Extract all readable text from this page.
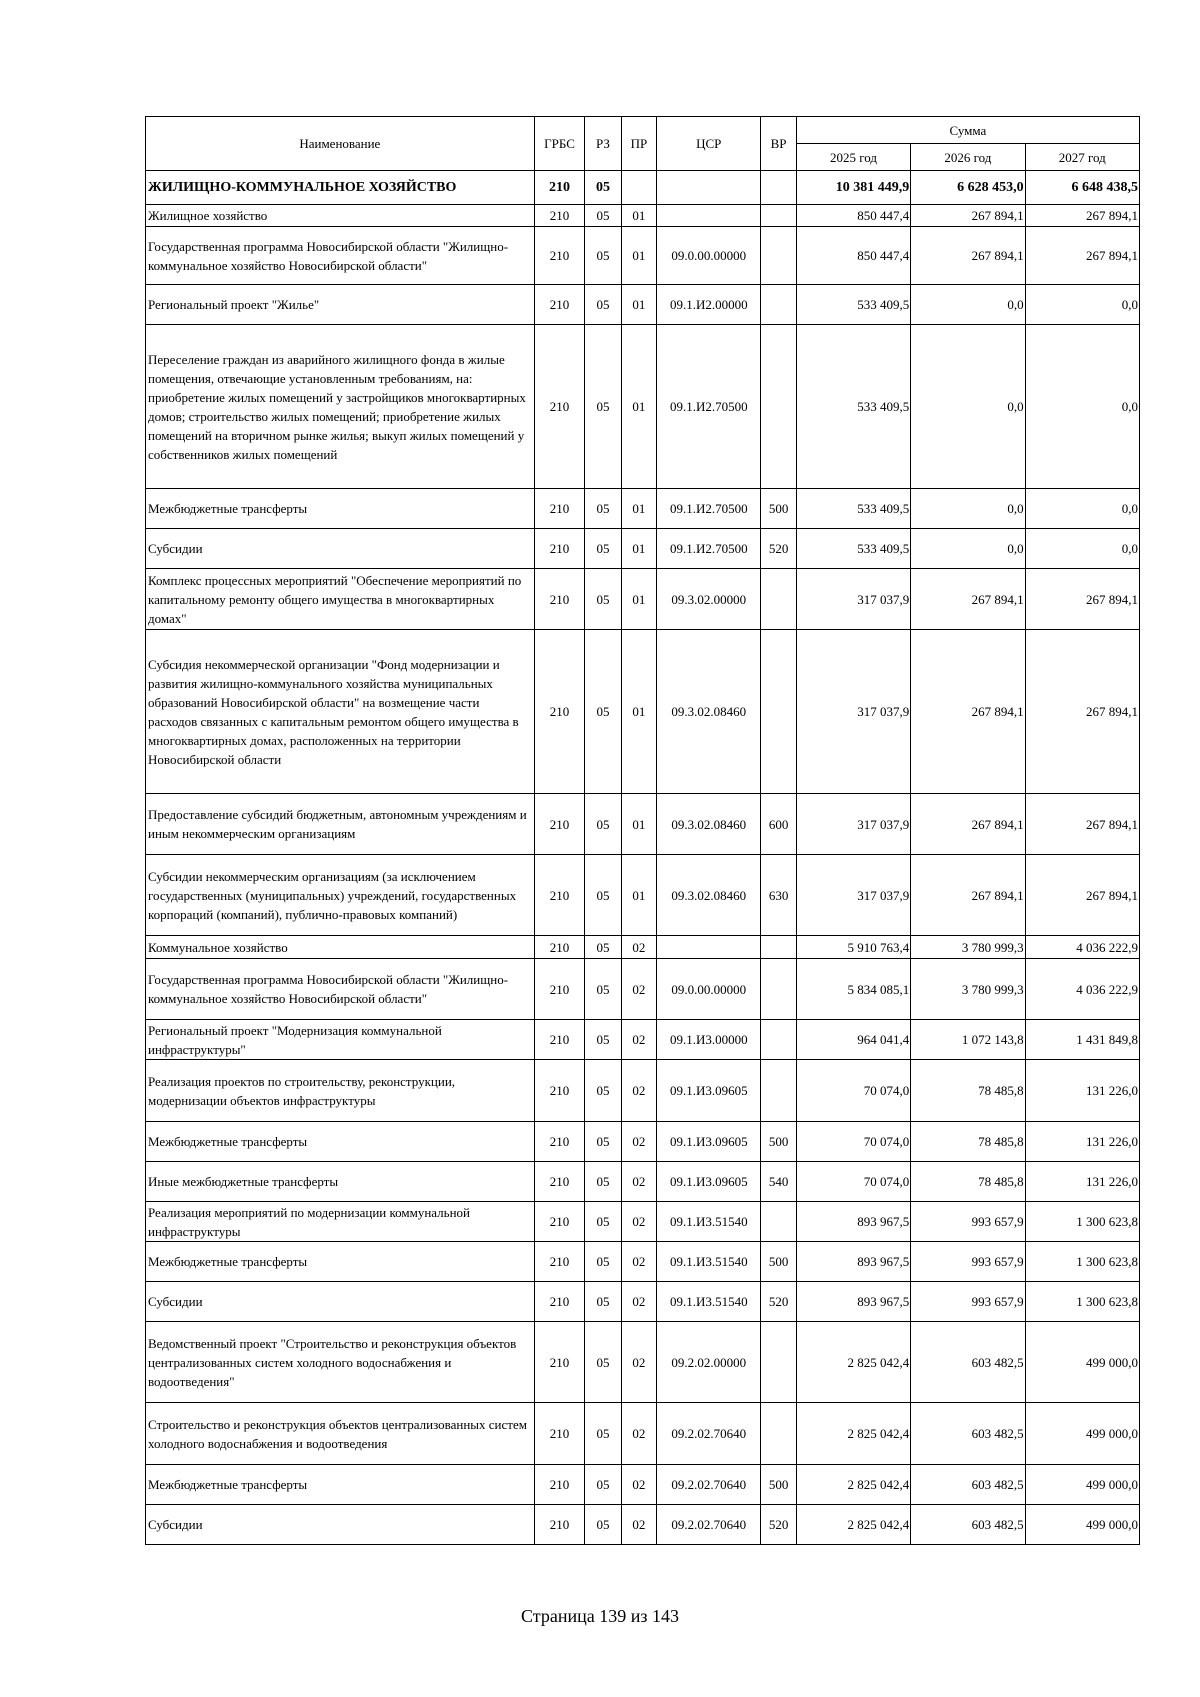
Наименование	ГРБС	РЗ	ПР	ЦСР	ВР	Сумма		
						2025 год	2026 год	2027 год
ЖИЛИЩНО-КОММУНАЛЬНОЕ ХОЗЯЙСТВО	210	05				10 381 449,9	6 628 453,0	6 648 438,5
Жилищное хозяйство	210	05	01			850 447,4	267 894,1	267 894,1
Государственная программа Новосибирской области "Жилищно-коммунальное хозяйство Новосибирской области"	210	05	01	09.0.00.00000		850 447,4	267 894,1	267 894,1
Региональный проект "Жилье"	210	05	01	09.1.И2.00000		533 409,5	0,0	0,0
Переселение граждан из аварийного жилищного фонда в жилые помещения, отвечающие установленным требованиям, на: приобретение жилых помещений у застройщиков многоквартирных домов; строительство жилых помещений; приобретение жилых помещений на вторичном рынке жилья; выкуп жилых помещений у собственников жилых помещений	210	05	01	09.1.И2.70500		533 409,5	0,0	0,0
Межбюджетные трансферты	210	05	01	09.1.И2.70500	500	533 409,5	0,0	0,0
Субсидии	210	05	01	09.1.И2.70500	520	533 409,5	0,0	0,0
Комплекс процессных мероприятий "Обеспечение мероприятий по капитальному ремонту общего имущества в многоквартирных домах"	210	05	01	09.3.02.00000		317 037,9	267 894,1	267 894,1
Субсидия некоммерческой организации "Фонд модернизации и развития жилищно-коммунального хозяйства муниципальных образований Новосибирской области" на возмещение части расходов связанных с капитальным ремонтом общего имущества в многоквартирных домах, расположенных на территории Новосибирской области	210	05	01	09.3.02.08460		317 037,9	267 894,1	267 894,1
Предоставление субсидий бюджетным, автономным учреждениям и иным некоммерческим организациям	210	05	01	09.3.02.08460	600	317 037,9	267 894,1	267 894,1
Субсидии некоммерческим организациям (за исключением государственных (муниципальных) учреждений, государственных корпораций (компаний), публично-правовых компаний)	210	05	01	09.3.02.08460	630	317 037,9	267 894,1	267 894,1
Коммунальное хозяйство	210	05	02			5 910 763,4	3 780 999,3	4 036 222,9
Государственная программа Новосибирской области "Жилищно-коммунальное хозяйство Новосибирской области"	210	05	02	09.0.00.00000		5 834 085,1	3 780 999,3	4 036 222,9
Региональный проект "Модернизация коммунальной инфраструктуры"	210	05	02	09.1.И3.00000		964 041,4	1 072 143,8	1 431 849,8
Реализация проектов по строительству, реконструкции, модернизации объектов инфраструктуры	210	05	02	09.1.И3.09605		70 074,0	78 485,8	131 226,0
Межбюджетные трансферты	210	05	02	09.1.И3.09605	500	70 074,0	78 485,8	131 226,0
Иные межбюджетные трансферты	210	05	02	09.1.И3.09605	540	70 074,0	78 485,8	131 226,0
Реализация мероприятий по модернизации коммунальной инфраструктуры	210	05	02	09.1.И3.51540		893 967,5	993 657,9	1 300 623,8
Межбюджетные трансферты	210	05	02	09.1.И3.51540	500	893 967,5	993 657,9	1 300 623,8
Субсидии	210	05	02	09.1.И3.51540	520	893 967,5	993 657,9	1 300 623,8
Ведомственный проект "Строительство и реконструкция объектов централизованных систем холодного водоснабжения и водоотведения"	210	05	02	09.2.02.00000		2 825 042,4	603 482,5	499 000,0
Строительство и реконструкция объектов централизованных систем холодного водоснабжения и водоотведения	210	05	02	09.2.02.70640		2 825 042,4	603 482,5	499 000,0
Межбюджетные трансферты	210	05	02	09.2.02.70640	500	2 825 042,4	603 482,5	499 000,0
Субсидии	210	05	02	09.2.02.70640	520	2 825 042,4	603 482,5	499 000,0
Страница 139 из 143
